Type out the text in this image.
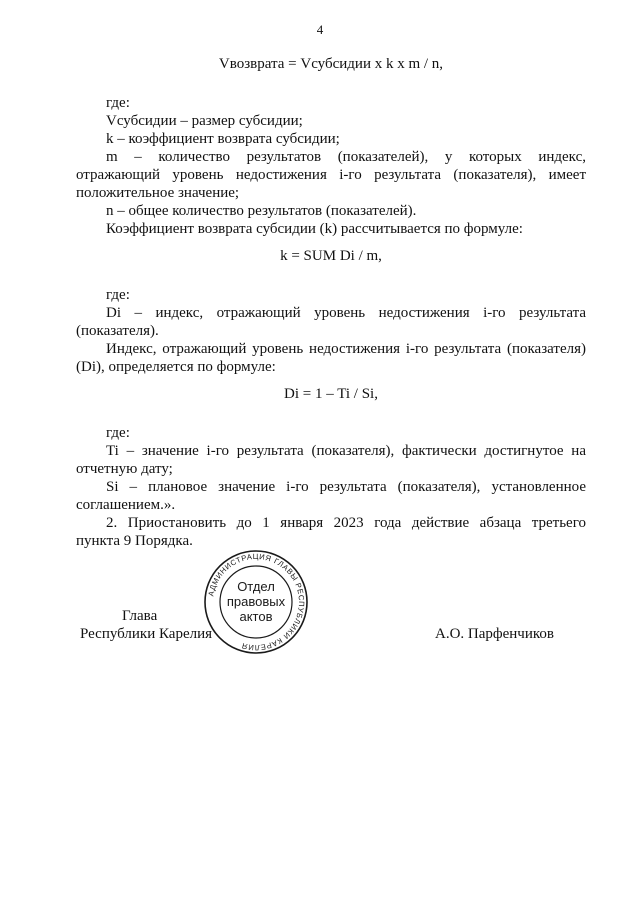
4
Vвозврата = Vсубсидии x k x m / n,
где:
Vсубсидии – размер субсидии;
k – коэффициент возврата субсидии;
m – количество результатов (показателей), у которых индекс,
отражающий уровень недостижения i-го результата (показателя), имеет
положительное значение;
n – общее количество результатов (показателей).
Коэффициент возврата субсидии (k) рассчитывается по формуле:
k = SUM Di / m,
где:
Di – индекс, отражающий уровень недостижения i-го результата
(показателя).
Индекс, отражающий уровень недостижения i-го результата (показателя)
(Di), определяется по формуле:
Di = 1 – Ti / Si,
где:
Ti – значение i-го результата (показателя), фактически достигнутое на
отчетную дату;
Si – плановое значение i-го результата (показателя), установленное
соглашением.».
2. Приостановить до 1 января 2023 года действие абзаца третьего
пункта 9 Порядка.
Глава
Республики Карелия	А.О. Парфенчиков
АДМИНИСТРАЦИЯ ГЛАВЫ РЕСПУБЛИКИ КАРЕЛИЯ
Отдел
правовых
актов
